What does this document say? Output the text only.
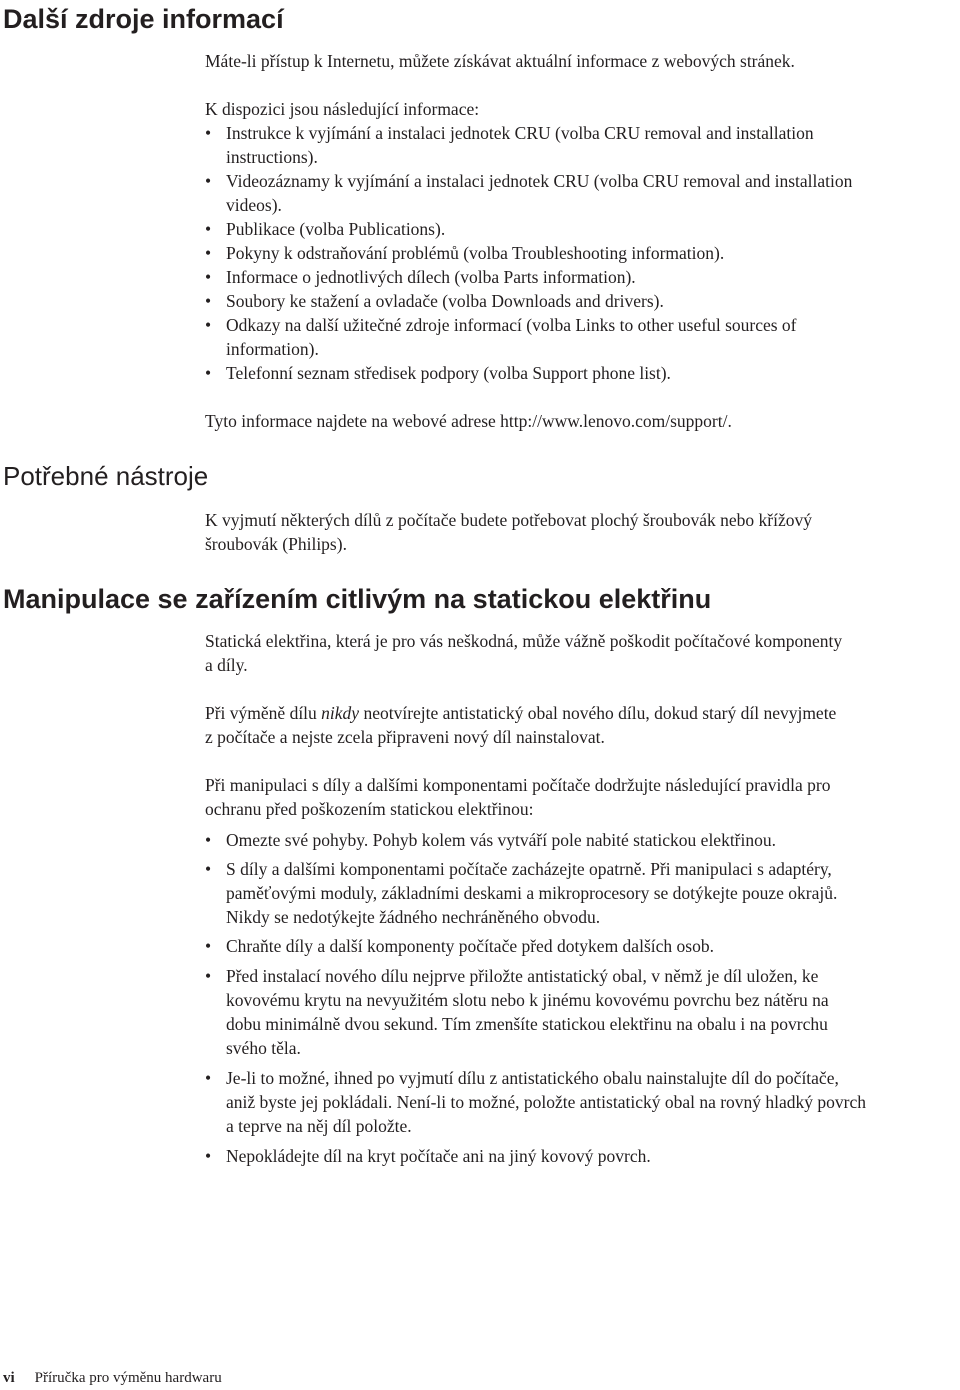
Další zdroje informací

Máte-li přístup k Internetu, můžete získávat aktuální informace z webových stránek.

K dispozici jsou následující informace:

• Instrukce k vyjímání a instalaci jednotek CRU (volba CRU removal and installation
instructions).
• Videozáznamy k vyjímání a instalaci jednotek CRU (volba CRU removal and installation
videos).
• Publikace (volba Publications).
• Pokyny k odstraňování problémů (volba Troubleshooting information).
• Informace o jednotlivých dílech (volba Parts information).
• Soubory ke stažení a ovladače (volba Downloads and drivers).
• Odkazy na další užitečné zdroje informací (volba Links to other useful sources of
information).
• Telefonní seznam středisek podpory (volba Support phone list).

Tyto informace najdete na webové adrese http://www.lenovo.com/support/.

Potřebné nástroje

K vyjmutí některých dílů z počítače budete potřebovat plochý šroubovák nebo křížový
šroubovák (Philips).

Manipulace se zařízením citlivým na statickou elektřinu

Statická elektřina, která je pro vás neškodná, může vážně poškodit počítačové komponenty
a díly.

Při výměně dílu nikdy neotvírejte antistatický obal nového dílu, dokud starý díl nevyjmete
z počítače a nejste zcela připraveni nový díl nainstalovat.

Při manipulaci s díly a dalšími komponentami počítače dodržujte následující pravidla pro
ochranu před poškozením statickou elektřinou:

• Omezte své pohyby. Pohyb kolem vás vytváří pole nabité statickou elektřinou.
• S díly a dalšími komponentami počítače zacházejte opatrně. Při manipulaci s adaptéry,
paměťovými moduly, základními deskami a mikroprocesory se dotýkejte pouze okrajů.
Nikdy se nedotýkejte žádného nechráněného obvodu.
• Chraňte díly a další komponenty počítače před dotykem dalších osob.
• Před instalací nového dílu nejprve přiložte antistatický obal, v němž je díl uložen, ke
kovovému krytu na nevyužitém slotu nebo k jinému kovovému povrchu bez nátěru na
dobu minimálně dvou sekund. Tím zmenšíte statickou elektřinu na obalu i na povrchu
svého těla.
• Je-li to možné, ihned po vyjmutí dílu z antistatického obalu nainstalujte díl do počítače,
aniž byste jej pokládali. Není-li to možné, položte antistatický obal na rovný hladký povrch
a teprve na něj díl položte.
• Nepokládejte díl na kryt počítače ani na jiný kovový povrch.
vi Příručka pro výměnu hardwaru
